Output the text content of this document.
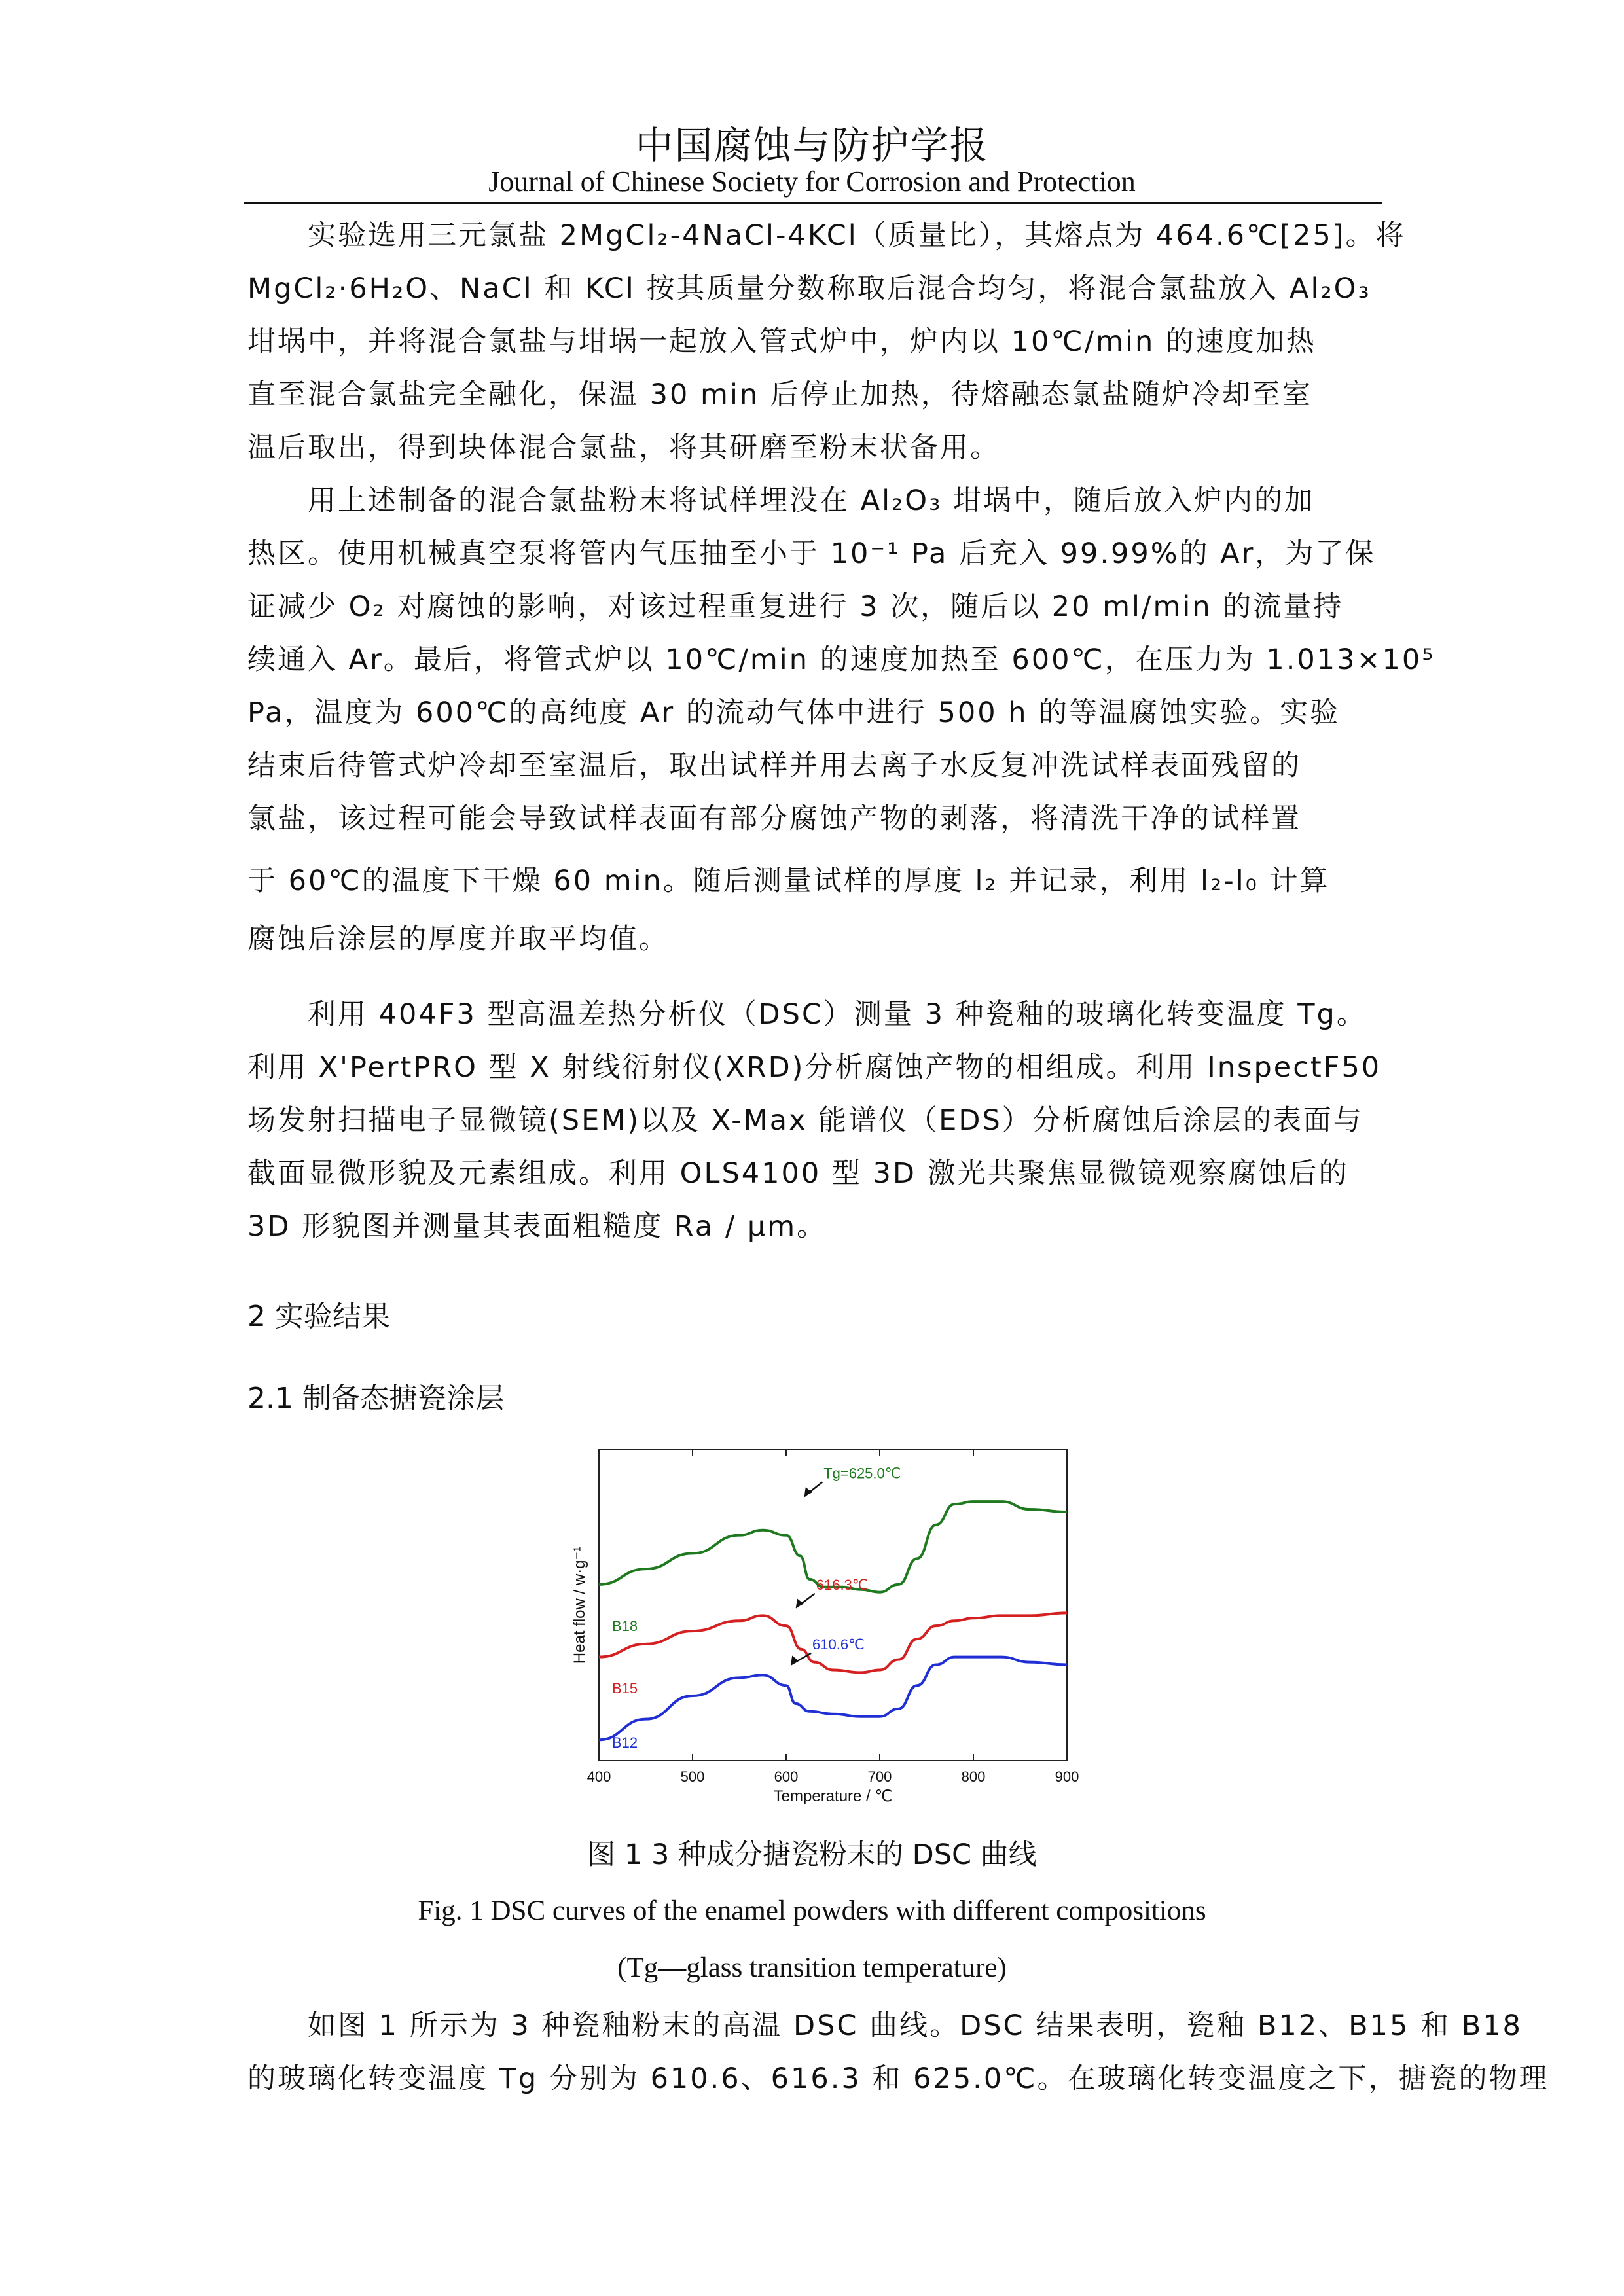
中国腐蚀与防护学报
Journal of Chinese Society for Corrosion and Protection
实验选用三元氯盐 2MgCl₂-4NaCl-4KCl（质量比），其熔点为 464.6℃[25]。将
MgCl₂·6H₂O、NaCl 和 KCl 按其质量分数称取后混合均匀，将混合氯盐放入 Al₂O₃
坩埚中，并将混合氯盐与坩埚一起放入管式炉中，炉内以 10℃/min 的速度加热
直至混合氯盐完全融化，保温 30 min 后停止加热，待熔融态氯盐随炉冷却至室
温后取出，得到块体混合氯盐，将其研磨至粉末状备用。
用上述制备的混合氯盐粉末将试样埋没在 Al₂O₃ 坩埚中，随后放入炉内的加
热区。使用机械真空泵将管内气压抽至小于 10⁻¹ Pa 后充入 99.99%的 Ar，为了保
证减少 O₂ 对腐蚀的影响，对该过程重复进行 3 次，随后以 20 ml/min 的流量持
续通入 Ar。最后，将管式炉以 10℃/min 的速度加热至 600℃，在压力为 1.013×10⁵
Pa，温度为 600℃的高纯度 Ar 的流动气体中进行 500 h 的等温腐蚀实验。实验
结束后待管式炉冷却至室温后，取出试样并用去离子水反复冲洗试样表面残留的
氯盐，该过程可能会导致试样表面有部分腐蚀产物的剥落，将清洗干净的试样置
于 60℃的温度下干燥 60 min。随后测量试样的厚度 l₂ 并记录，利用 l₂-l₀ 计算
腐蚀后涂层的厚度并取平均值。
利用 404F3 型高温差热分析仪（DSC）测量 3 种瓷釉的玻璃化转变温度 Tg。
利用 X'PertPRO 型 X 射线衍射仪(XRD)分析腐蚀产物的相组成。利用 InspectF50
场发射扫描电子显微镜(SEM)以及 X-Max 能谱仪（EDS）分析腐蚀后涂层的表面与
截面显微形貌及元素组成。利用 OLS4100 型 3D 激光共聚焦显微镜观察腐蚀后的
3D 形貌图并测量其表面粗糙度 Ra / μm。
2 实验结果
2.1 制备态搪瓷涂层
400	500	600	700	800	900
Temperature / ℃
Heat flow / w·g⁻¹ B18
Tg=625.0℃
B15
616.3℃
B12
610.6℃
图 1 3 种成分搪瓷粉末的 DSC 曲线
Fig. 1 DSC curves of the enamel powders with different compositions
(Tg—glass transition temperature)
如图 1 所示为 3 种瓷釉粉末的高温 DSC 曲线。DSC 结果表明，瓷釉 B12、B15 和 B18
的玻璃化转变温度 Tg 分别为 610.6、616.3 和 625.0℃。在玻璃化转变温度之下，搪瓷的物理
